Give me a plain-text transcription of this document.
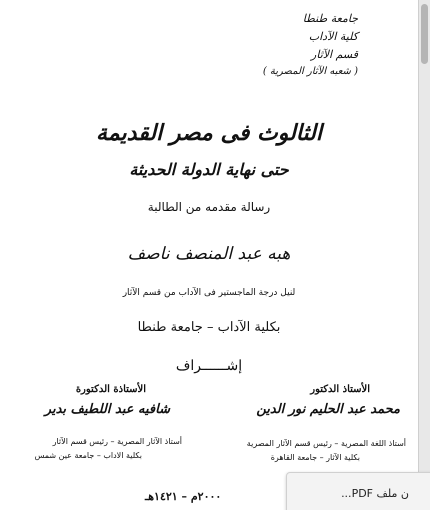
جامعة طنطا
كلية الآداب
قسم الآثار
( شعبه الآثار المصرية )
الثالوث فى مصر القديمة
حتى نهاية الدولة الحديثة
رسالة مقدمه من الطالبة
هبه عبد المنصف ناصف
لنيل درجة الماجستير فى الآداب من قسم الآثار
بكلية الآداب – جامعة طنطا
إشــــــراف
الأستاذ الدكتور
محمد عبد الحليم نور الدين
أستاذ اللغة المصرية – رئيس قسم الآثار المصرية
بكلية الآثار – جامعة القاهرة
الأستاذة الدكتورة
شافيه عبد اللطيف بدير
أستاذ الآثار المصرية – رئيس قسم الآثار
بكلية الاداب – جامعة عين شمس
٢٠٠٠م – ١٤٢١هـ	ن ملف PDF...
